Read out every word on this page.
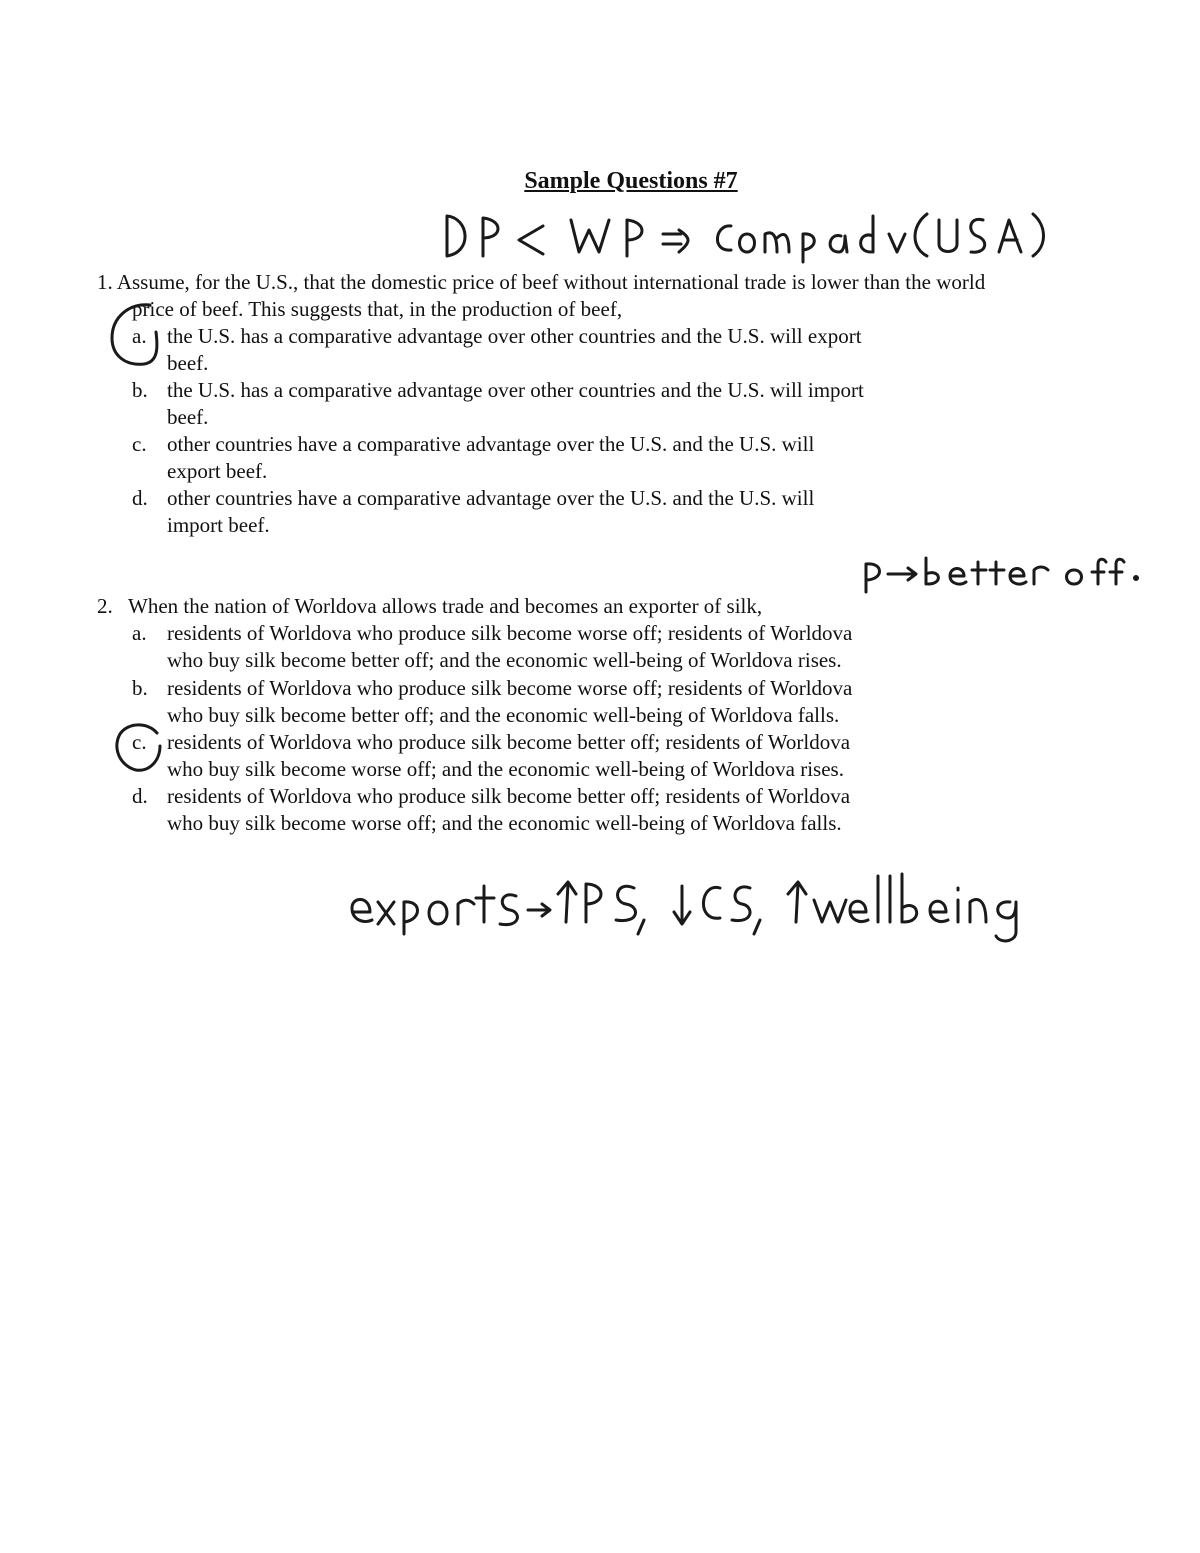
Sample Questions #7
1. Assume, for the U.S., that the domestic price of beef without international trade is lower than the world
price of beef. This suggests that, in the production of beef,
a. the U.S. has a comparative advantage over other countries and the U.S. will export
beef.
b. the U.S. has a comparative advantage over other countries and the U.S. will import
beef.
c. other countries have a comparative advantage over the U.S. and the U.S. will
export beef.
d. other countries have a comparative advantage over the U.S. and the U.S. will
import beef.
2. When the nation of Worldova allows trade and becomes an exporter of silk,
a. residents of Worldova who produce silk become worse off; residents of Worldova
who buy silk become better off; and the economic well-being of Worldova rises.
b. residents of Worldova who produce silk become worse off; residents of Worldova
who buy silk become better off; and the economic well-being of Worldova falls.
c. residents of Worldova who produce silk become better off; residents of Worldova
who buy silk become worse off; and the economic well-being of Worldova rises.
d. residents of Worldova who produce silk become better off; residents of Worldova
who buy silk become worse off; and the economic well-being of Worldova falls.
